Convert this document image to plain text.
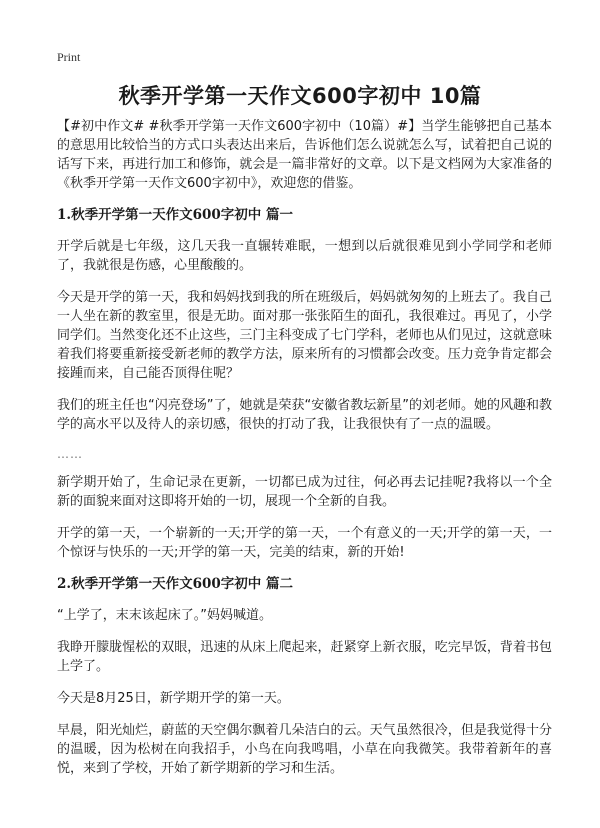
Print
秋季开学第一天作文600字初中 10篇

【#初中作文# #秋季开学第一天作文600字初中（10篇）#】当学生能够把自己基本的意思用比较恰当的方式口头表达出来后，告诉他们怎么说就怎么写，试着把自己说的话写下来，再进行加工和修饰，就会是一篇非常好的文章。以下是文档网为大家准备的《秋季开学第一天作文600字初中》，欢迎您的借鉴。

1.秋季开学第一天作文600字初中 篇一

开学后就是七年级，这几天我一直辗转难眠，一想到以后就很难见到小学同学和老师了，我就很是伤感，心里酸酸的。

今天是开学的第一天，我和妈妈找到我的所在班级后，妈妈就匆匆的上班去了。我自己一人坐在新的教室里，很是无助。面对那一张张陌生的面孔，我很难过。再见了，小学同学们。当然变化还不止这些，三门主科变成了七门学科，老师也从们见过，这就意味着我们将要重新接受新老师的教学方法，原来所有的习惯都会改变。压力竞争肯定都会接踵而来，自己能否顶得住呢？

我们的班主任也“闪亮登场”了，她就是荣获“安徽省教坛新星”的刘老师。她的风趣和教学的高水平以及待人的亲切感，很快的打动了我，让我很快有了一点的温暖。

……

新学期开始了，生命记录在更新，一切都已成为过往，何必再去记挂呢?我将以一个全新的面貌来面对这即将开始的一切，展现一个全新的自我。

开学的第一天，一个崭新的一天;开学的第一天，一个有意义的一天;开学的第一天，一个惊讶与快乐的一天;开学的第一天，完美的结束，新的开始!

2.秋季开学第一天作文600字初中 篇二

“上学了，末末该起床了。”妈妈喊道。

我睁开朦胧惺松的双眼，迅速的从床上爬起来，赶紧穿上新衣服，吃完早饭，背着书包上学了。

今天是8月25日，新学期开学的第一天。

早晨，阳光灿烂，蔚蓝的天空偶尔飘着几朵洁白的云。天气虽然很冷，但是我觉得十分的温暖，因为松树在向我招手，小鸟在向我鸣唱，小草在向我微笑。我带着新年的喜悦，来到了学校，开始了新学期新的学习和生活。
